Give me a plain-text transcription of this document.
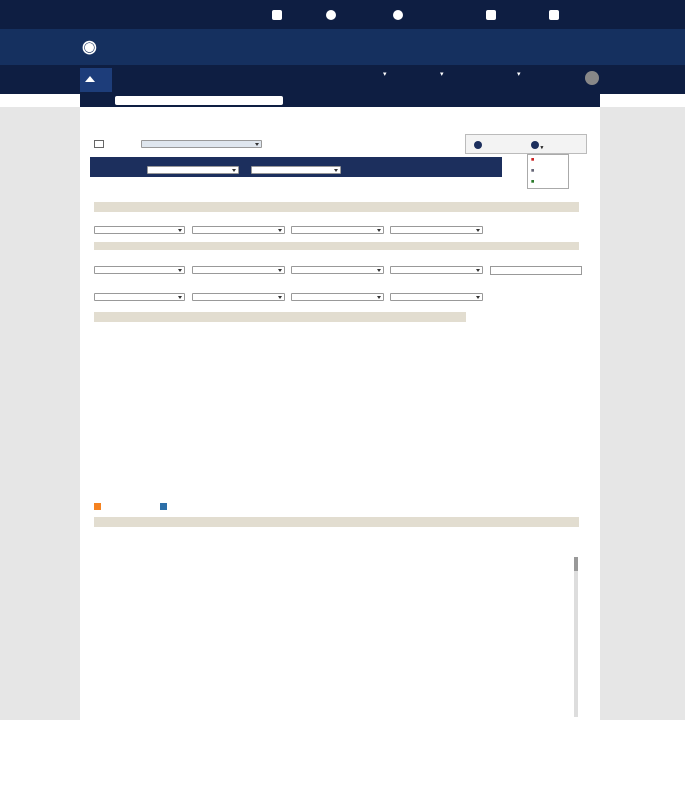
◉
▾	▾	▾
▾
■
■
■
